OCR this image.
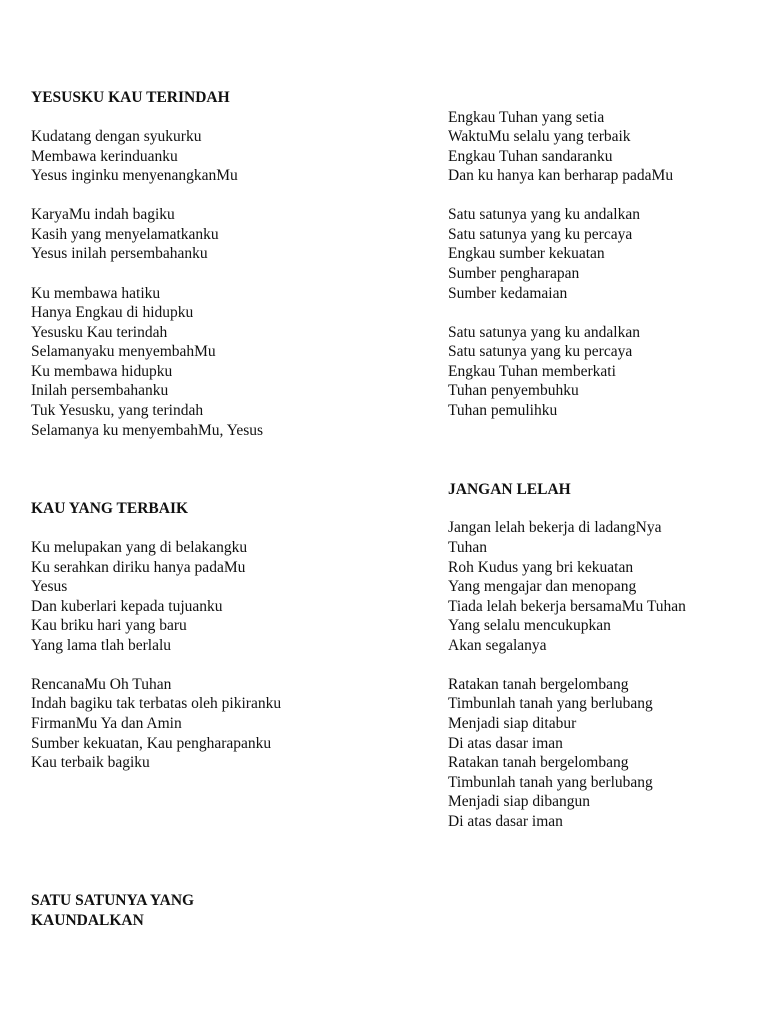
YESUSKU KAU TERINDAH
Kudatang dengan syukurku
Membawa kerinduanku
Yesus inginku menyenangkanMu
KaryaMu indah bagiku
Kasih yang menyelamatkanku
Yesus inilah persembahanku
Ku membawa hatiku
Hanya Engkau di hidupku
Yesusku Kau terindah
Selamanyaku menyembahMu
Ku membawa hidupku
Inilah persembahanku
Tuk Yesusku, yang terindah
Selamanya ku menyembahMu, Yesus
KAU YANG TERBAIK
Ku melupakan yang di belakangku
Ku serahkan diriku hanya padaMu
Yesus
Dan kuberlari kepada tujuanku
Kau briku hari yang baru
Yang lama tlah berlalu
RencanaMu Oh Tuhan
Indah bagiku tak terbatas oleh pikiranku
FirmanMu Ya dan Amin
Sumber kekuatan, Kau pengharapanku
Kau terbaik bagiku
SATU SATUNYA YANG
KAUNDALKAN
Engkau Tuhan yang setia
WaktuMu selalu yang terbaik
Engkau Tuhan sandaranku
Dan ku hanya kan berharap padaMu
Satu satunya yang ku andalkan
Satu satunya yang ku percaya
Engkau sumber kekuatan
Sumber pengharapan
Sumber kedamaian
Satu satunya yang ku andalkan
Satu satunya yang ku percaya
Engkau Tuhan memberkati
Tuhan penyembuhku
Tuhan pemulihku
JANGAN LELAH
Jangan lelah bekerja di ladangNya
Tuhan
Roh Kudus yang bri kekuatan
Yang mengajar dan menopang
Tiada lelah bekerja bersamaMu Tuhan
Yang selalu mencukupkan
Akan segalanya
Ratakan tanah bergelombang
Timbunlah tanah yang berlubang
Menjadi siap ditabur
Di atas dasar iman
Ratakan tanah bergelombang
Timbunlah tanah yang berlubang
Menjadi siap dibangun
Di atas dasar iman
